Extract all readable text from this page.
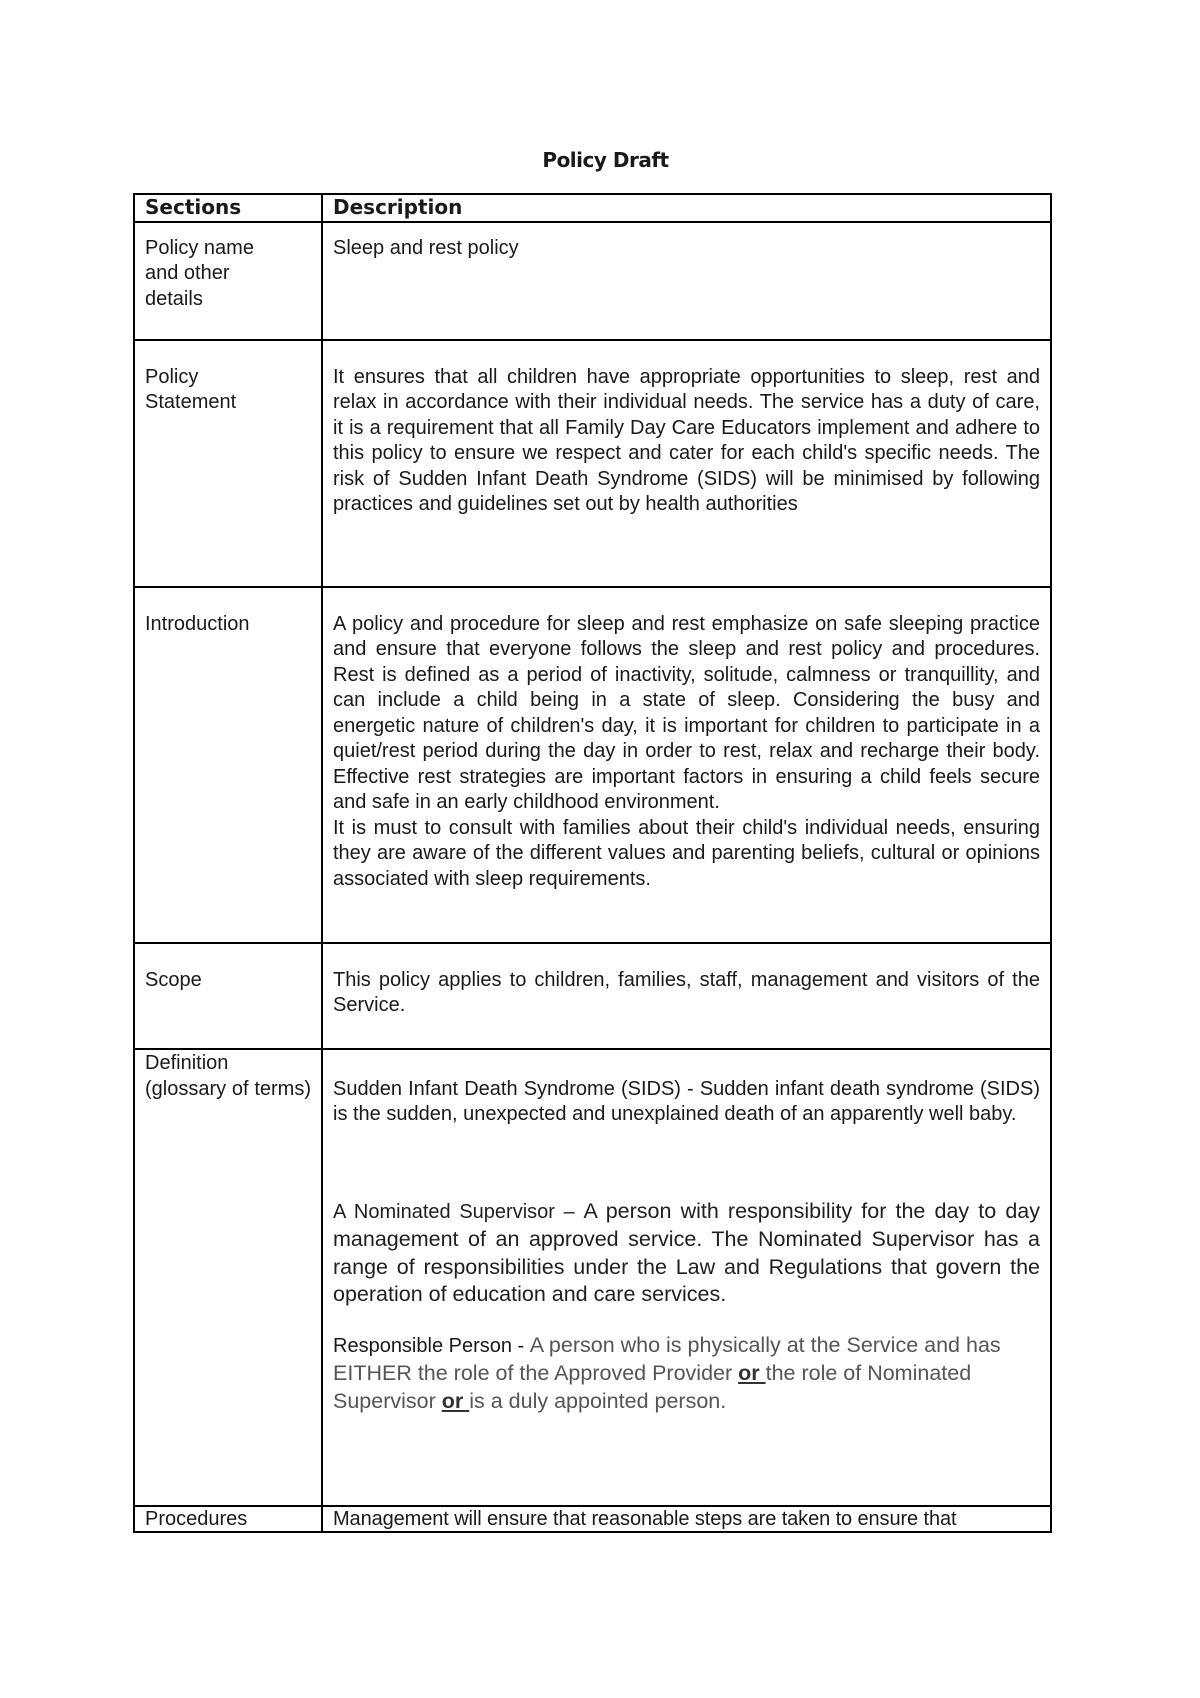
Policy Draft
Sections	Description

Policy name and other details	Sleep and rest policy

Policy Statement	It ensures that all children have appropriate opportunities to sleep, rest and relax in accordance with their individual needs. The service has a duty of care, it is a requirement that all Family Day Care Educators implement and adhere to this policy to ensure we respect and cater for each child's specific needs. The risk of Sudden Infant Death Syndrome (SIDS) will be minimised by following practices and guidelines set out by health authorities

Introduction	A policy and procedure for sleep and rest emphasize on safe sleeping practice and ensure that everyone follows the sleep and rest policy and procedures. Rest is defined as a period of inactivity, solitude, calmness or tranquillity, and can include a child being in a state of sleep. Considering the busy and energetic nature of children's day, it is important for children to participate in a quiet/rest period during the day in order to rest, relax and recharge their body. Effective rest strategies are important factors in ensuring a child feels secure and safe in an early childhood environment.
It is must to consult with families about their child's individual needs, ensuring they are aware of the different values and parenting beliefs, cultural or opinions associated with sleep requirements.

Scope	This policy applies to children, families, staff, management and visitors of the Service.

Definition (glossary of terms)	Sudden Infant Death Syndrome (SIDS) - Sudden infant death syndrome (SIDS) is the sudden, unexpected and unexplained death of an apparently well baby.
A Nominated Supervisor – A person with responsibility for the day to day management of an approved service. The Nominated Supervisor has a range of responsibilities under the Law and Regulations that govern the operation of education and care services.
Responsible Person - A person who is physically at the Service and has EITHER the role of the Approved Provider or the role of Nominated Supervisor or is a duly appointed person.

Procedures	Management will ensure that reasonable steps are taken to ensure that
